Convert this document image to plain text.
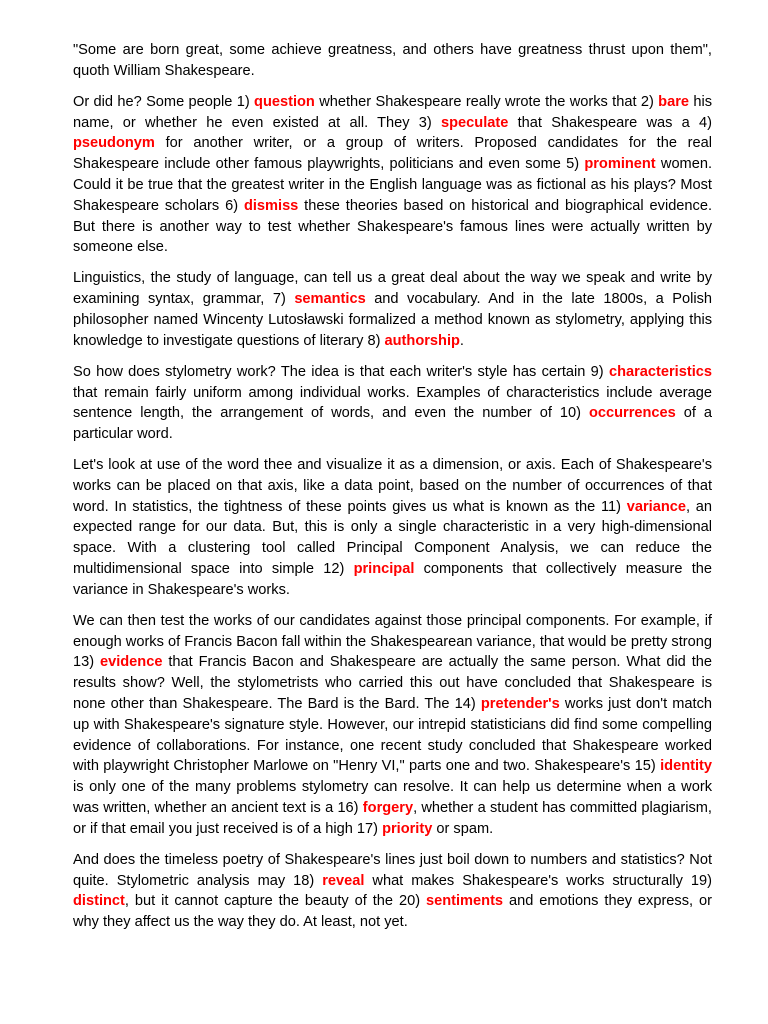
"Some are born great, some achieve greatness, and others have greatness thrust upon them", quoth William Shakespeare.

Or did he? Some people 1) question whether Shakespeare really wrote the works that 2) bare his name, or whether he even existed at all. They 3) speculate that Shakespeare was a 4) pseudonym for another writer, or a group of writers. Proposed candidates for the real Shakespeare include other famous playwrights, politicians and even some 5) prominent women. Could it be true that the greatest writer in the English language was as fictional as his plays? Most Shakespeare scholars 6) dismiss these theories based on historical and biographical evidence. But there is another way to test whether Shakespeare's famous lines were actually written by someone else.

Linguistics, the study of language, can tell us a great deal about the way we speak and write by examining syntax, grammar, 7) semantics and vocabulary. And in the late 1800s, a Polish philosopher named Wincenty Lutosławski formalized a method known as stylometry, applying this knowledge to investigate questions of literary 8) authorship.

So how does stylometry work? The idea is that each writer's style has certain 9) characteristics that remain fairly uniform among individual works. Examples of characteristics include average sentence length, the arrangement of words, and even the number of 10) occurrences of a particular word.

Let's look at use of the word thee and visualize it as a dimension, or axis. Each of Shakespeare's works can be placed on that axis, like a data point, based on the number of occurrences of that word. In statistics, the tightness of these points gives us what is known as the 11) variance, an expected range for our data. But, this is only a single characteristic in a very high-dimensional space. With a clustering tool called Principal Component Analysis, we can reduce the multidimensional space into simple 12) principal components that collectively measure the variance in Shakespeare's works.

We can then test the works of our candidates against those principal components. For example, if enough works of Francis Bacon fall within the Shakespearean variance, that would be pretty strong 13) evidence that Francis Bacon and Shakespeare are actually the same person. What did the results show? Well, the stylometrists who carried this out have concluded that Shakespeare is none other than Shakespeare. The Bard is the Bard. The 14) pretender's works just don't match up with Shakespeare's signature style. However, our intrepid statisticians did find some compelling evidence of collaborations. For instance, one recent study concluded that Shakespeare worked with playwright Christopher Marlowe on "Henry VI," parts one and two. Shakespeare's 15) identity is only one of the many problems stylometry can resolve. It can help us determine when a work was written, whether an ancient text is a 16) forgery, whether a student has committed plagiarism, or if that email you just received is of a high 17) priority or spam.

And does the timeless poetry of Shakespeare's lines just boil down to numbers and statistics? Not quite. Stylometric analysis may 18) reveal what makes Shakespeare's works structurally 19) distinct, but it cannot capture the beauty of the 20) sentiments and emotions they express, or why they affect us the way they do. At least, not yet.
